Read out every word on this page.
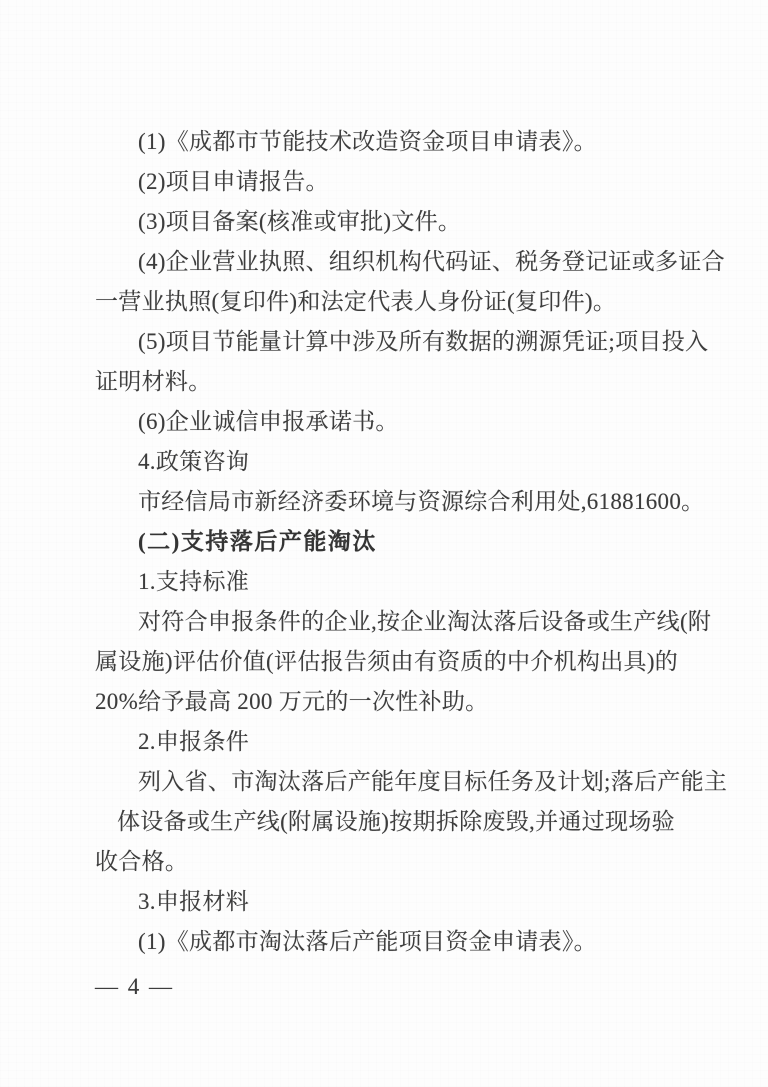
(1)《成都市节能技术改造资金项目申请表》。
(2)项目申请报告。
(3)项目备案(核准或审批)文件。
(4)企业营业执照、组织机构代码证、税务登记证或多证合
一营业执照(复印件)和法定代表人身份证(复印件)。
(5)项目节能量计算中涉及所有数据的溯源凭证;项目投入
证明材料。
(6)企业诚信申报承诺书。
4.政策咨询
市经信局市新经济委环境与资源综合利用处,61881600。
(二)支持落后产能淘汰
1.支持标准
对符合申报条件的企业,按企业淘汰落后设备或生产线(附
属设施)评估价值(评估报告须由有资质的中介机构出具)的
20%给予最高 200 万元的一次性补助。
2.申报条件
列入省、市淘汰落后产能年度目标任务及计划;落后产能主
体设备或生产线(附属设施)按期拆除废毁,并通过现场验
收合格。
3.申报材料
(1)《成都市淘汰落后产能项目资金申请表》。
— 4 —
